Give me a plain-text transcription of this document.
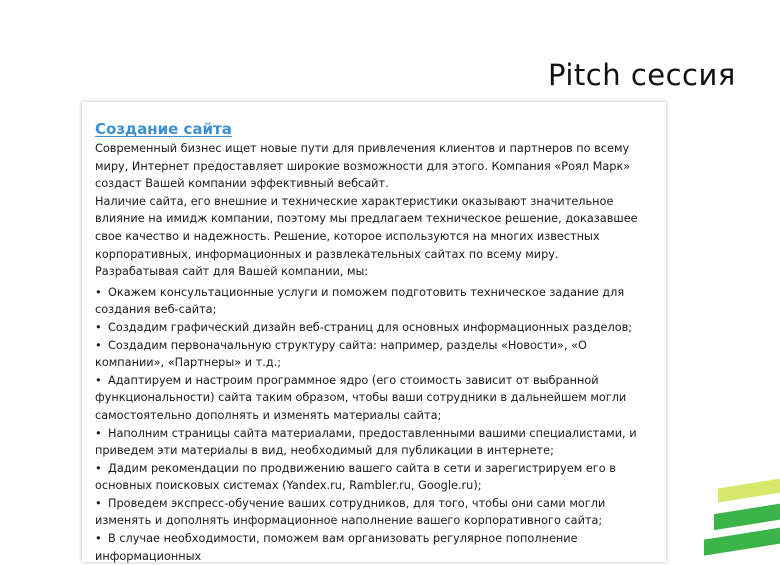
Pitch сессия
Создание сайта

Современный бизнес ищет новые пути для привлечения клиентов и партнеров по всему миру, Интернет предоставляет широкие возможности для этого. Компания «Роял Марк» создаст Вашей компании эффективный вебсайт.

Наличие сайта, его внешние и технические характеристики оказывают значительное влияние на имидж компании, поэтому мы предлагаем техническое решение, доказавшее свое качество и надежность. Решение, которое используются на многих известных корпоративных, информационных и развлекательных сайтах по всему миру.

Разрабатывая сайт для Вашей компании, мы:

• Окажем консультационные услуги и поможем подготовить техническое задание для создания веб-сайта;
• Создадим графический дизайн веб-страниц для основных информационных разделов;
• Создадим первоначальную структуру сайта: например, разделы «Новости», «О компании», «Партнеры» и т.д.;
• Адаптируем и настроим программное ядро (его стоимость зависит от выбранной функциональности) сайта таким образом, чтобы ваши сотрудники в дальнейшем могли самостоятельно дополнять и изменять материалы сайта;
• Наполним страницы сайта материалами, предоставленными вашими специалистами, и приведем эти материалы в вид, необходимый для публикации в интернете;
• Дадим рекомендации по продвижению вашего сайта в сети и зарегистрируем его в основных поисковых системах (Yandex.ru, Rambler.ru, Google.ru);
• Проведем экспресс-обучение ваших сотрудников, для того, чтобы они сами могли изменять и дополнять информационное наполнение вашего корпоративного сайта;
• В случае необходимости, поможем вам организовать регулярное пополнение информационных
